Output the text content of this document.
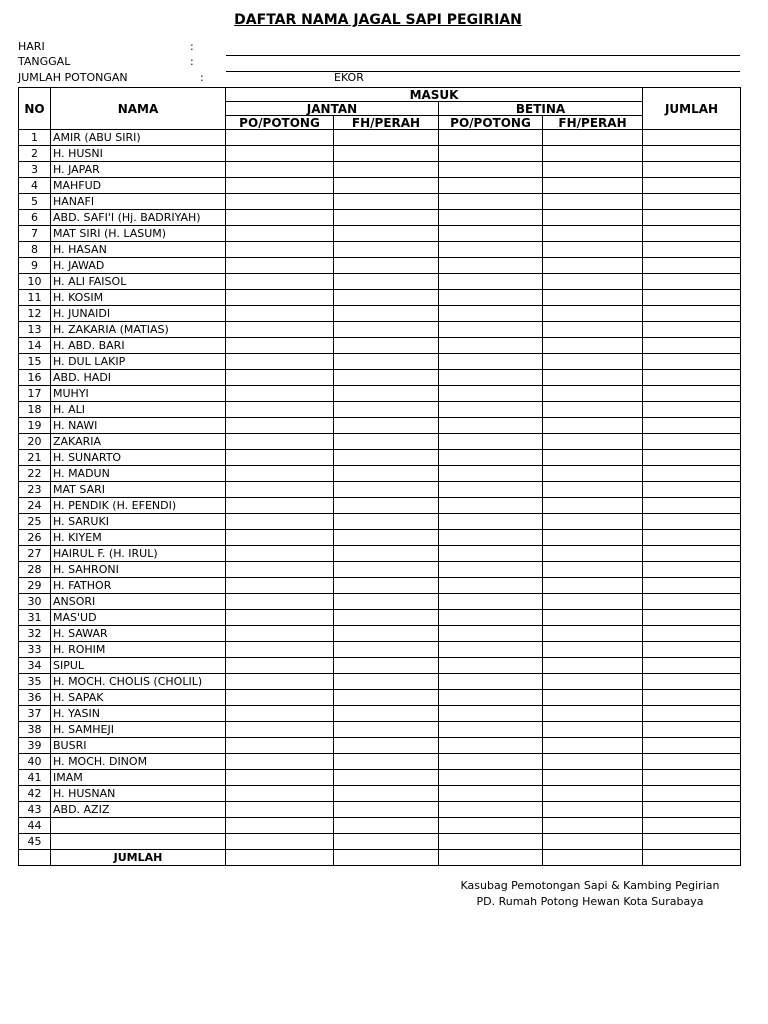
DAFTAR NAMA JAGAL SAPI PEGIRIAN
HARI	:
TANGGAL	:
JUMLAH POTONGAN	:	EKOR
NO	NAMA	MASUK				JUMLAH
		JANTAN		BETINA		
		PO/POTONG	FH/PERAH	PO/POTONG	FH/PERAH	
1	AMIR (ABU SIRI)					
2	H. HUSNI					
3	H. JAPAR					
4	MAHFUD					
5	HANAFI					
6	ABD. SAFI'I (Hj. BADRIYAH)					
7	MAT SIRI (H. LASUM)					
8	H. HASAN					
9	H. JAWAD					
10	H. ALI FAISOL					
11	H. KOSIM					
12	H. JUNAIDI					
13	H. ZAKARIA (MATIAS)					
14	H. ABD. BARI					
15	H. DUL LAKIP					
16	ABD. HADI					
17	MUHYI					
18	H. ALI					
19	H. NAWI					
20	ZAKARIA					
21	H. SUNARTO					
22	H. MADUN					
23	MAT SARI					
24	H. PENDIK (H. EFENDI)					
25	H. SARUKI					
26	H. KIYEM					
27	HAIRUL F. (H. IRUL)					
28	H. SAHRONI					
29	H. FATHOR					
30	ANSORI					
31	MAS'UD					
32	H. SAWAR					
33	H. ROHIM					
34	SIPUL					
35	H. MOCH. CHOLIS (CHOLIL)					
36	H. SAPAK					
37	H. YASIN					
38	H. SAMHEJI					
39	BUSRI					
40	H. MOCH. DINOM					
41	IMAM					
42	H. HUSNAN					
43	ABD. AZIZ					
44						
45						
	JUMLAH					
Kasubag Pemotongan Sapi & Kambing Pegirian
PD. Rumah Potong Hewan Kota Surabaya
